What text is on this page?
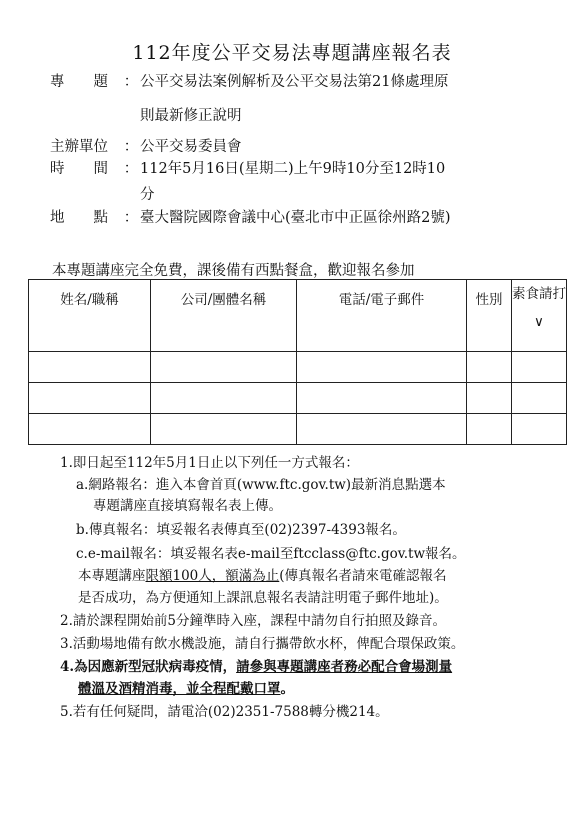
112年度公平交易法專題講座報名表
專　　題 ： 公平交易法案例解析及公平交易法第21條處理原
則最新修正說明
主辦單位 ： 公平交易委員會
時　　間 ： 112年5月16日(星期二)上午9時10分至12時10
分
地　　點 ： 臺大醫院國際會議中心(臺北市中正區徐州路2號)
本專題講座完全免費，課後備有西點餐盒，歡迎報名參加
姓名/職稱	公司/團體名稱	電話/電子郵件	性別	素食請打∨

1.即日起至112年5月1日止以下列任一方式報名：
a.網路報名：進入本會首頁(www.ftc.gov.tw)最新消息點選本
專題講座直接填寫報名表上傳。
b.傳真報名：填妥報名表傳真至(02)2397-4393報名。
c.e-mail報名：填妥報名表e-mail至ftcclass@ftc.gov.tw報名。
本專題講座限額100人，額滿為止(傳真報名者請來電確認報名
是否成功，為方便通知上課訊息報名表請註明電子郵件地址)。
2.請於課程開始前5分鐘準時入座，課程中請勿自行拍照及錄音。
3.活動場地備有飲水機設施，請自行攜帶飲水杯，俾配合環保政策。
4.為因應新型冠狀病毒疫情，請參與專題講座者務必配合會場測量
體溫及酒精消毒，並全程配戴口罩。
5.若有任何疑問，請電洽(02)2351-7588轉分機214。
